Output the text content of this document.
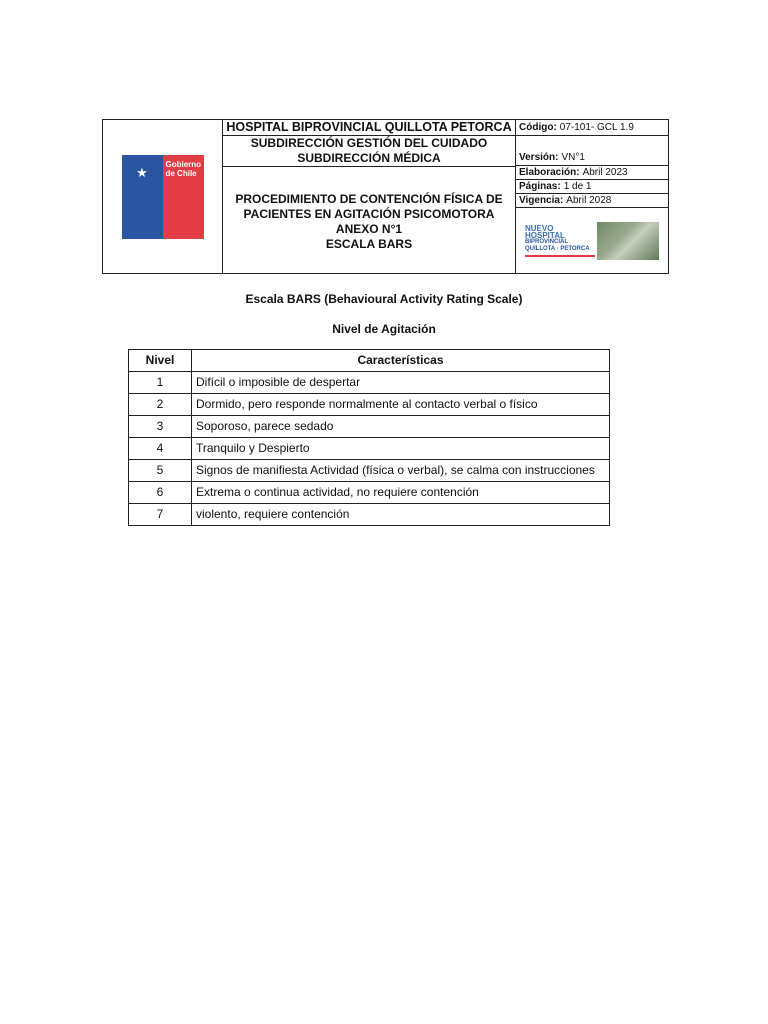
★
Gobierno
de Chile
HOSPITAL BIPROVINCIAL QUILLOTA PETORCA
SUBDIRECCIÓN GESTIÓN DEL CUIDADO
SUBDIRECCIÓN MÉDICA
PROCEDIMIENTO DE CONTENCIÓN FÍSICA DE
PACIENTES EN AGITACIÓN PSICOMOTORA
ANEXO N°1
ESCALA BARS
Código: 07-101- GCL 1.9
Versión: VN°1
Elaboración: Abril 2023
Páginas: 1 de 1
Vigencia: Abril 2028
NUEVO HOSPITAL
BIPROVINCIAL QUILLOTA · PETORCA
Escala BARS (Behavioural Activity Rating Scale)
Nivel de Agitación
Nivel	Características
1	Difícil o imposible de despertar
2	Dormido, pero responde normalmente al contacto verbal o físico
3	Soporoso, parece sedado
4	Tranquilo y Despierto
5	Signos de manifiesta Actividad (física o verbal), se calma con instrucciones
6	Extrema o continua actividad, no requiere contención
7	violento, requiere contención
